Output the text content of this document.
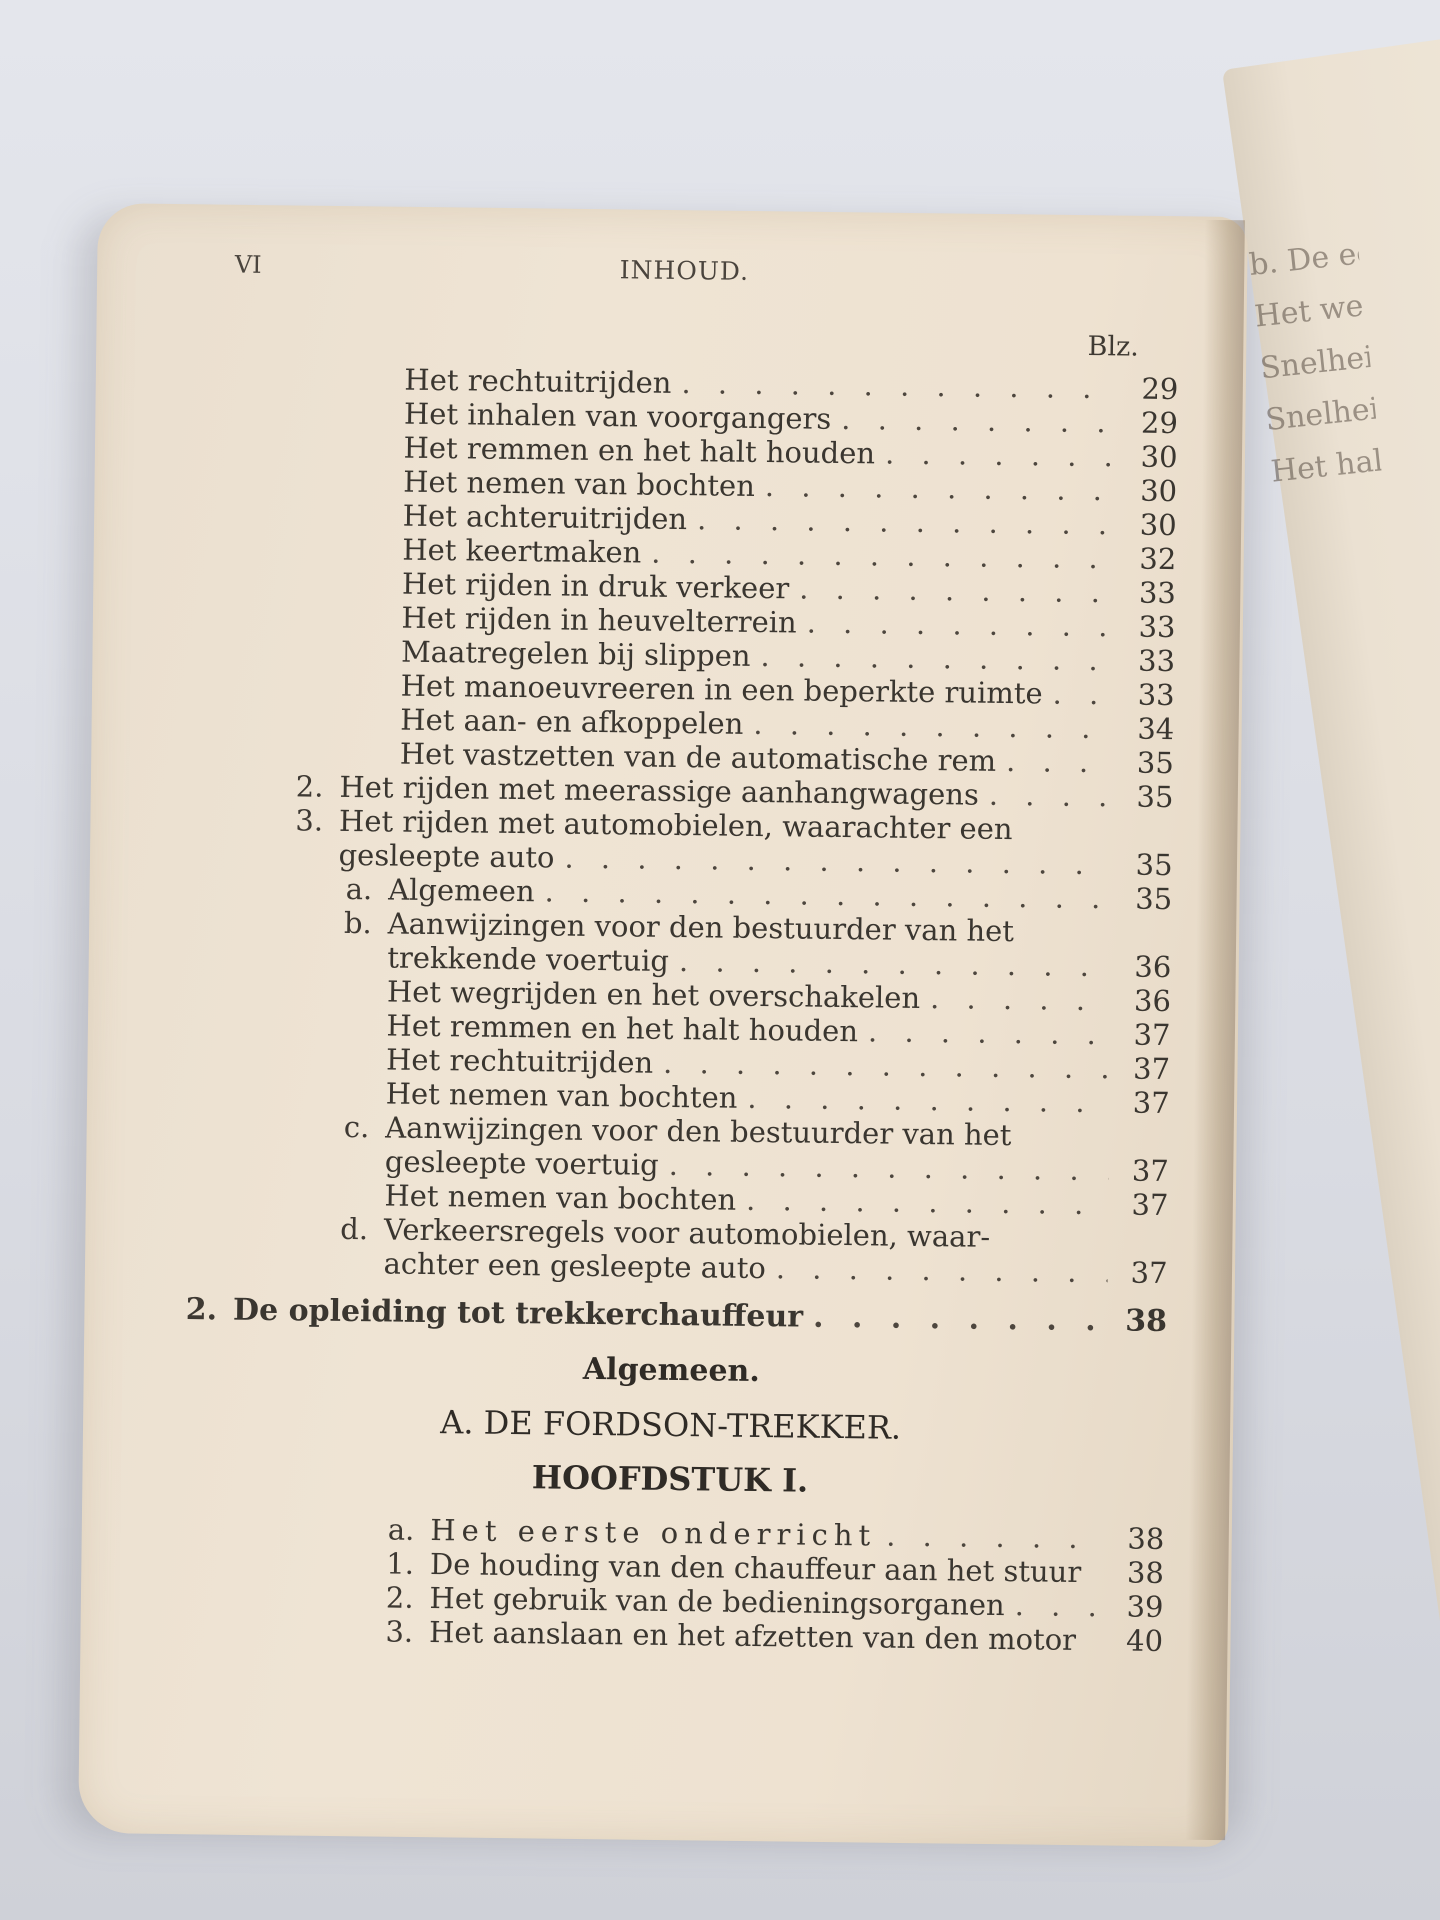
VI	INHOUD.
Blz.
Het rechtuitrijden . . .	29
Het inhalen van voorgangers . . .	29
Het remmen en het halt houden . . .	30
Het nemen van bochten . . .	30
Het achteruitrijden . . .	30
Het keertmaken . . .	32
Het rijden in druk verkeer . . .	33
Het rijden in heuvelterrein . . .	33
Maatregelen bij slippen . . .	33
Het manoeuvreeren in een beperkte ruimte . . .	33
Het aan- en afkoppelen . . .	34
Het vastzetten van de automatische rem . . .	35
2. Het rijden met meerassige aanhangwagens . . .	35
3. Het rijden met automobielen, waarachter een
gesleepte auto . . .	35
a. Algemeen . . .	35
b. Aanwijzingen voor den bestuurder van het
trekkende voertuig . . .	36
Het wegrijden en het overschakelen . . .	36
Het remmen en het halt houden . . .	37
Het rechtuitrijden . . .	37
Het nemen van bochten . . .	37
c. Aanwijzingen voor den bestuurder van het
gesleepte voertuig . . .	37
Het nemen van bochten . . .	37
d. Verkeersregels voor automobielen, waar-
achter een gesleepte auto . . .	37
2. De opleiding tot trekkerchauffeur . . .	38
Algemeen.
A. DE FORDSON-TREKKER.
HOOFDSTUK I.
a. Het eerste onderricht . . .	38
1. De houding van den chauffeur aan het stuur	38
2. Het gebruik van de bedieningsorganen . . .	39
3. Het aanslaan en het afzetten van den motor	40
b. De ee
Het we
Snelheid
Snelheid
Het hal
